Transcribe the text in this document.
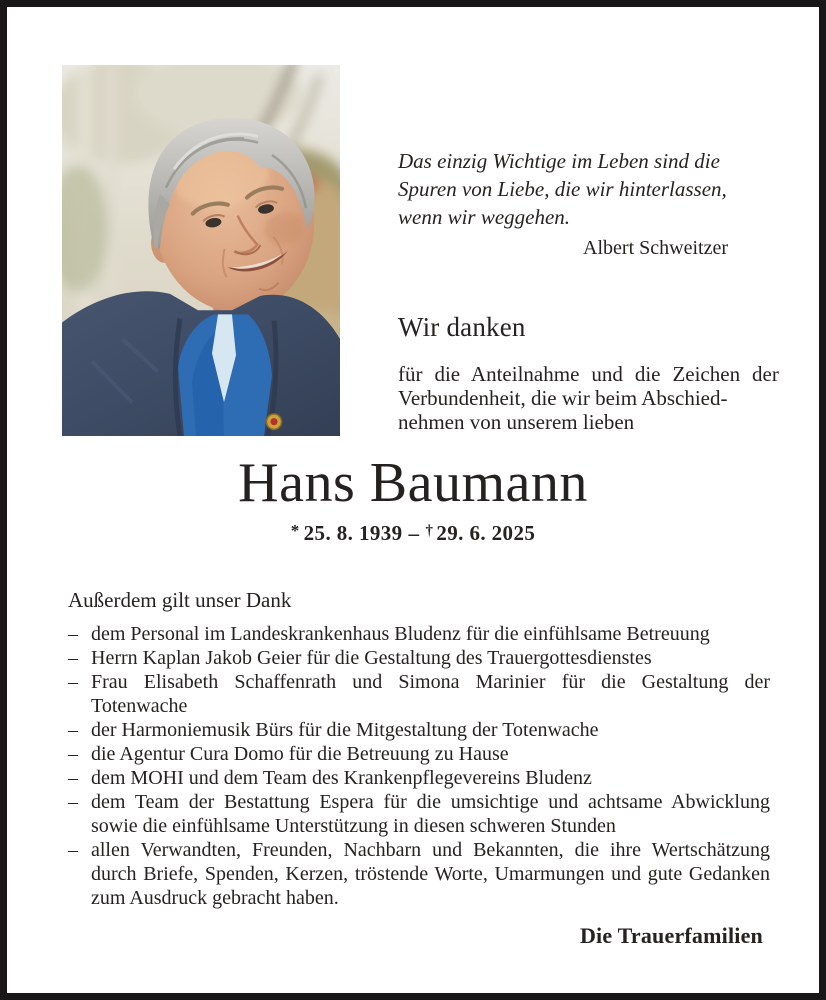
Das einzig Wichtige im Leben sind die
Spuren von Liebe, die wir hinterlassen,
wenn wir weggehen.
Albert Schweitzer
Wir danken
für die Anteilnahme und die Zeichen der
Verbundenheit, die wir beim Abschied-
nehmen von unserem lieben
Hans Baumann
* 25. 8. 1939 – † 29. 6. 2025
Außerdem gilt unser Dank
– dem Personal im Landeskrankenhaus Bludenz für die einfühlsame Betreuung
– Herrn Kaplan Jakob Geier für die Gestaltung des Trauergottesdienstes
– Frau Elisabeth Schaffenrath und Simona Marinier für die Gestaltung der Totenwache
– der Harmoniemusik Bürs für die Mitgestaltung der Totenwache
– die Agentur Cura Domo für die Betreuung zu Hause
– dem MOHI und dem Team des Krankenpflegevereins Bludenz
– dem Team der Bestattung Espera für die umsichtige und achtsame Abwicklung sowie die einfühlsame Unterstützung in diesen schweren Stunden
– allen Verwandten, Freunden, Nachbarn und Bekannten, die ihre Wertschätzung durch Briefe, Spenden, Kerzen, tröstende Worte, Umarmungen und gute Gedanken zum Ausdruck gebracht haben.
Die Trauerfamilien
